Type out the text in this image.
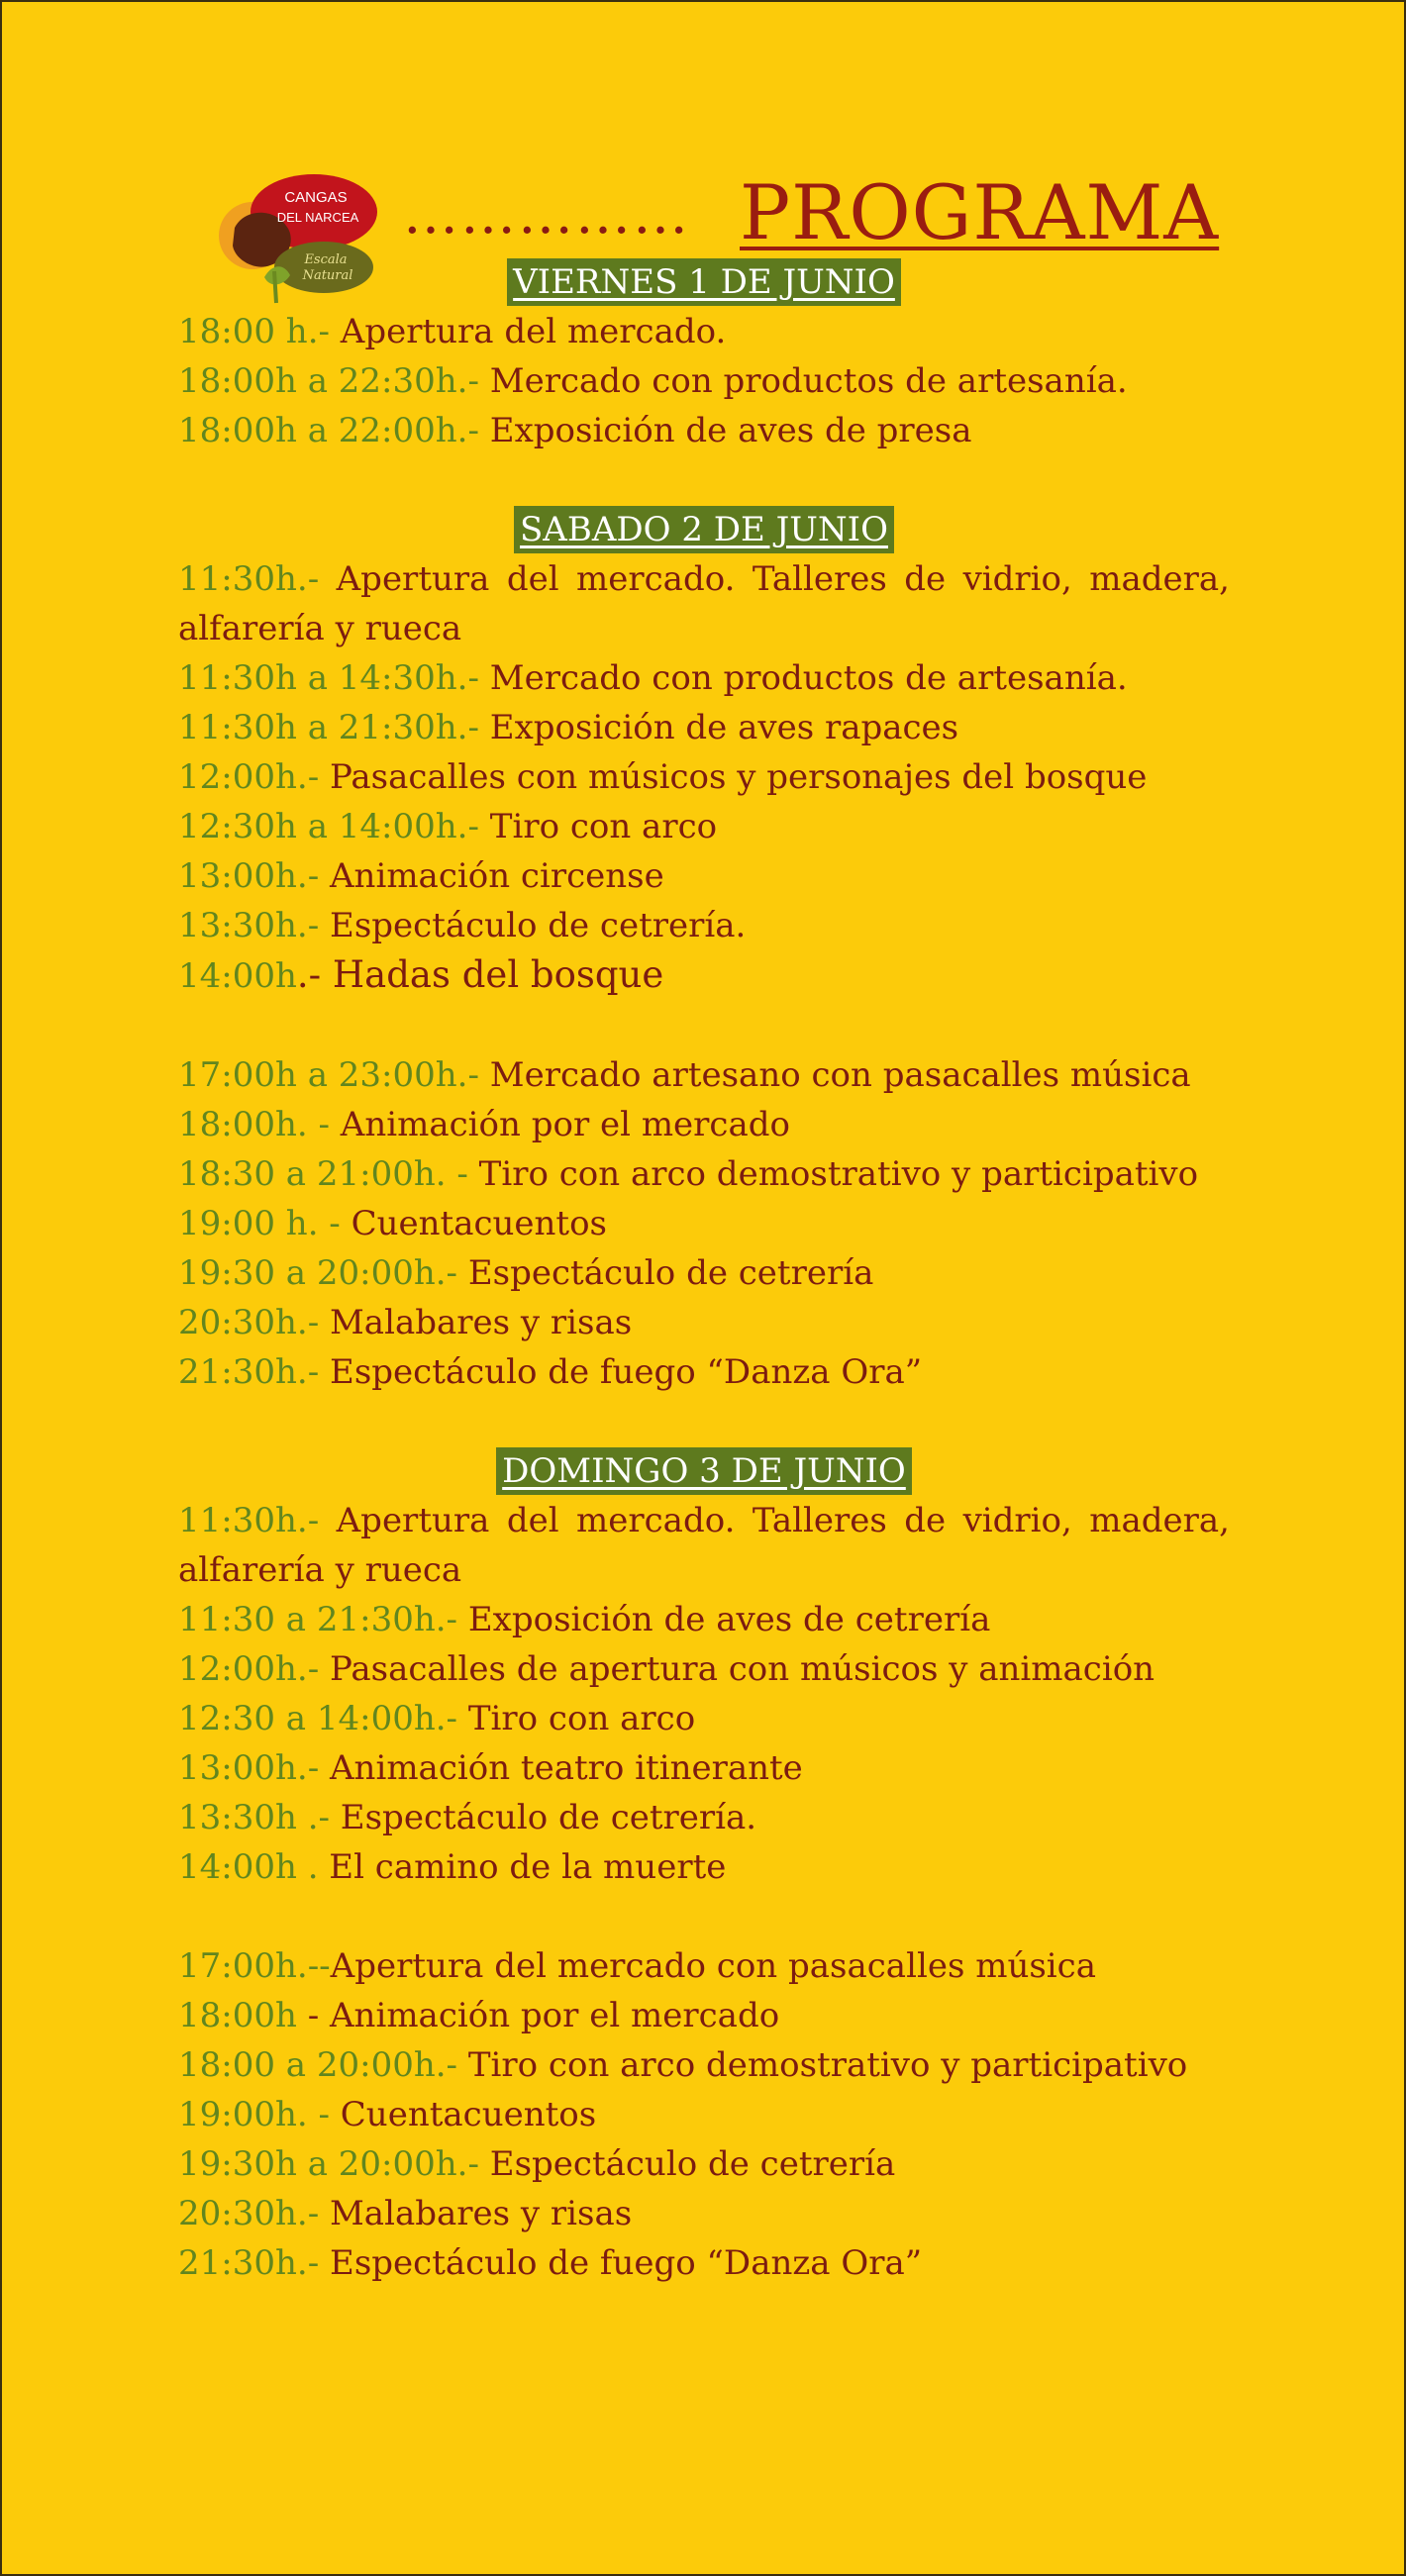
CANGAS
DEL NARCEA
Escala
Natural
…………… PROGRAMA
VIERNES 1 DE JUNIO

18:00 h.- Apertura del mercado.

18:00h a 22:30h.- Mercado con productos de artesanía.

18:00h a 22:00h.- Exposición de aves de presa

SABADO 2 DE JUNIO

11:30h.- Apertura del mercado. Talleres de vidrio, madera, alfarería y rueca

11:30h a 14:30h.- Mercado con productos de artesanía.

11:30h a 21:30h.- Exposición de aves rapaces

12:00h.- Pasacalles con músicos y personajes del bosque

12:30h a 14:00h.- Tiro con arco

13:00h.- Animación circense

13:30h.- Espectáculo de cetrería.

14:00h.- Hadas del bosque

17:00h a 23:00h.- Mercado artesano con pasacalles música

18:00h. - Animación por el mercado

18:30 a 21:00h. - Tiro con arco demostrativo y participativo

19:00 h. - Cuentacuentos

19:30 a 20:00h.- Espectáculo de cetrería

20:30h.- Malabares y risas

21:30h.- Espectáculo de fuego “Danza Ora”

DOMINGO 3 DE JUNIO

11:30h.- Apertura del mercado. Talleres de vidrio, madera, alfarería y rueca

11:30 a 21:30h.- Exposición de aves de cetrería

12:00h.- Pasacalles de apertura con músicos y animación

12:30 a 14:00h.- Tiro con arco

13:00h.- Animación teatro itinerante

13:30h .- Espectáculo de cetrería.

14:00h . El camino de la muerte

17:00h.--Apertura del mercado con pasacalles música

18:00h - Animación por el mercado

18:00 a 20:00h.- Tiro con arco demostrativo y participativo

19:00h. - Cuentacuentos

19:30h a 20:00h.- Espectáculo de cetrería

20:30h.- Malabares y risas

21:30h.- Espectáculo de fuego “Danza Ora”
